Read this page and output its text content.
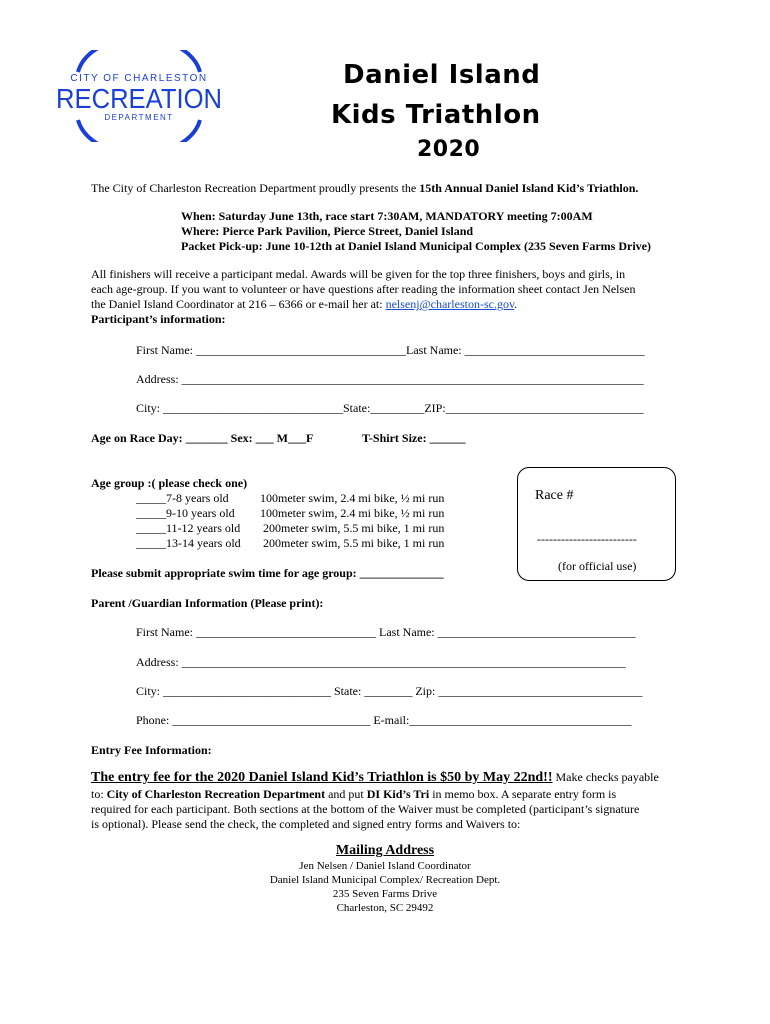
CITY OF CHARLESTON
RECREATION
DEPARTMENT
Daniel Island
Kids Triathlon
2020
The City of Charleston Recreation Department proudly presents the 15th Annual Daniel Island Kid’s Triathlon.
When: Saturday June 13th, race start 7:30AM, MANDATORY meeting 7:00AM
Where: Pierce Park Pavilion, Pierce Street, Daniel Island
Packet Pick-up: June 10-12th at Daniel Island Municipal Complex (235 Seven Farms Drive)
All finishers will receive a participant medal. Awards will be given for the top three finishers, boys and girls, in
each age-group. If you want to volunteer or have questions after reading the information sheet contact Jen Nelsen
the Daniel Island Coordinator at 216 – 6366 or e-mail her at: nelsenj@charleston-sc.gov.
Participant’s information:
First Name: ___________________________________Last Name: ______________________________
Address: _____________________________________________________________________________
City: ______________________________State:_________ZIP:_________________________________
Age on Race Day: _______ Sex: ___ M___F	T-Shirt Size: ______
Age group :( please check one)
_____7-8 years old	100meter swim, 2.4 mi bike, ½ mi run
_____9-10 years old 100meter swim, 2.4 mi bike, ½ mi run
_____11-12 years old 200meter swim, 5.5 mi bike, 1 mi run
_____13-14 years old 200meter swim, 5.5 mi bike, 1 mi run
Please submit appropriate swim time for age group: ______________
Race #
-------------------------
(for official use)
Parent /Guardian Information (Please print):
First Name: ______________________________ Last Name: _________________________________
Address: __________________________________________________________________________
City: ____________________________ State: ________ Zip: __________________________________
Phone: _________________________________ E-mail:_____________________________________
Entry Fee Information:
The entry fee for the 2020 Daniel Island Kid’s Triathlon is $50 by May 22nd!! Make checks payable
to: City of Charleston Recreation Department and put DI Kid’s Tri in memo box. A separate entry form is
required for each participant. Both sections at the bottom of the Waiver must be completed (participant’s signature
is optional). Please send the check, the completed and signed entry forms and Waivers to:
Mailing Address
Jen Nelsen / Daniel Island Coordinator
Daniel Island Municipal Complex/ Recreation Dept.
235 Seven Farms Drive
Charleston, SC 29492
